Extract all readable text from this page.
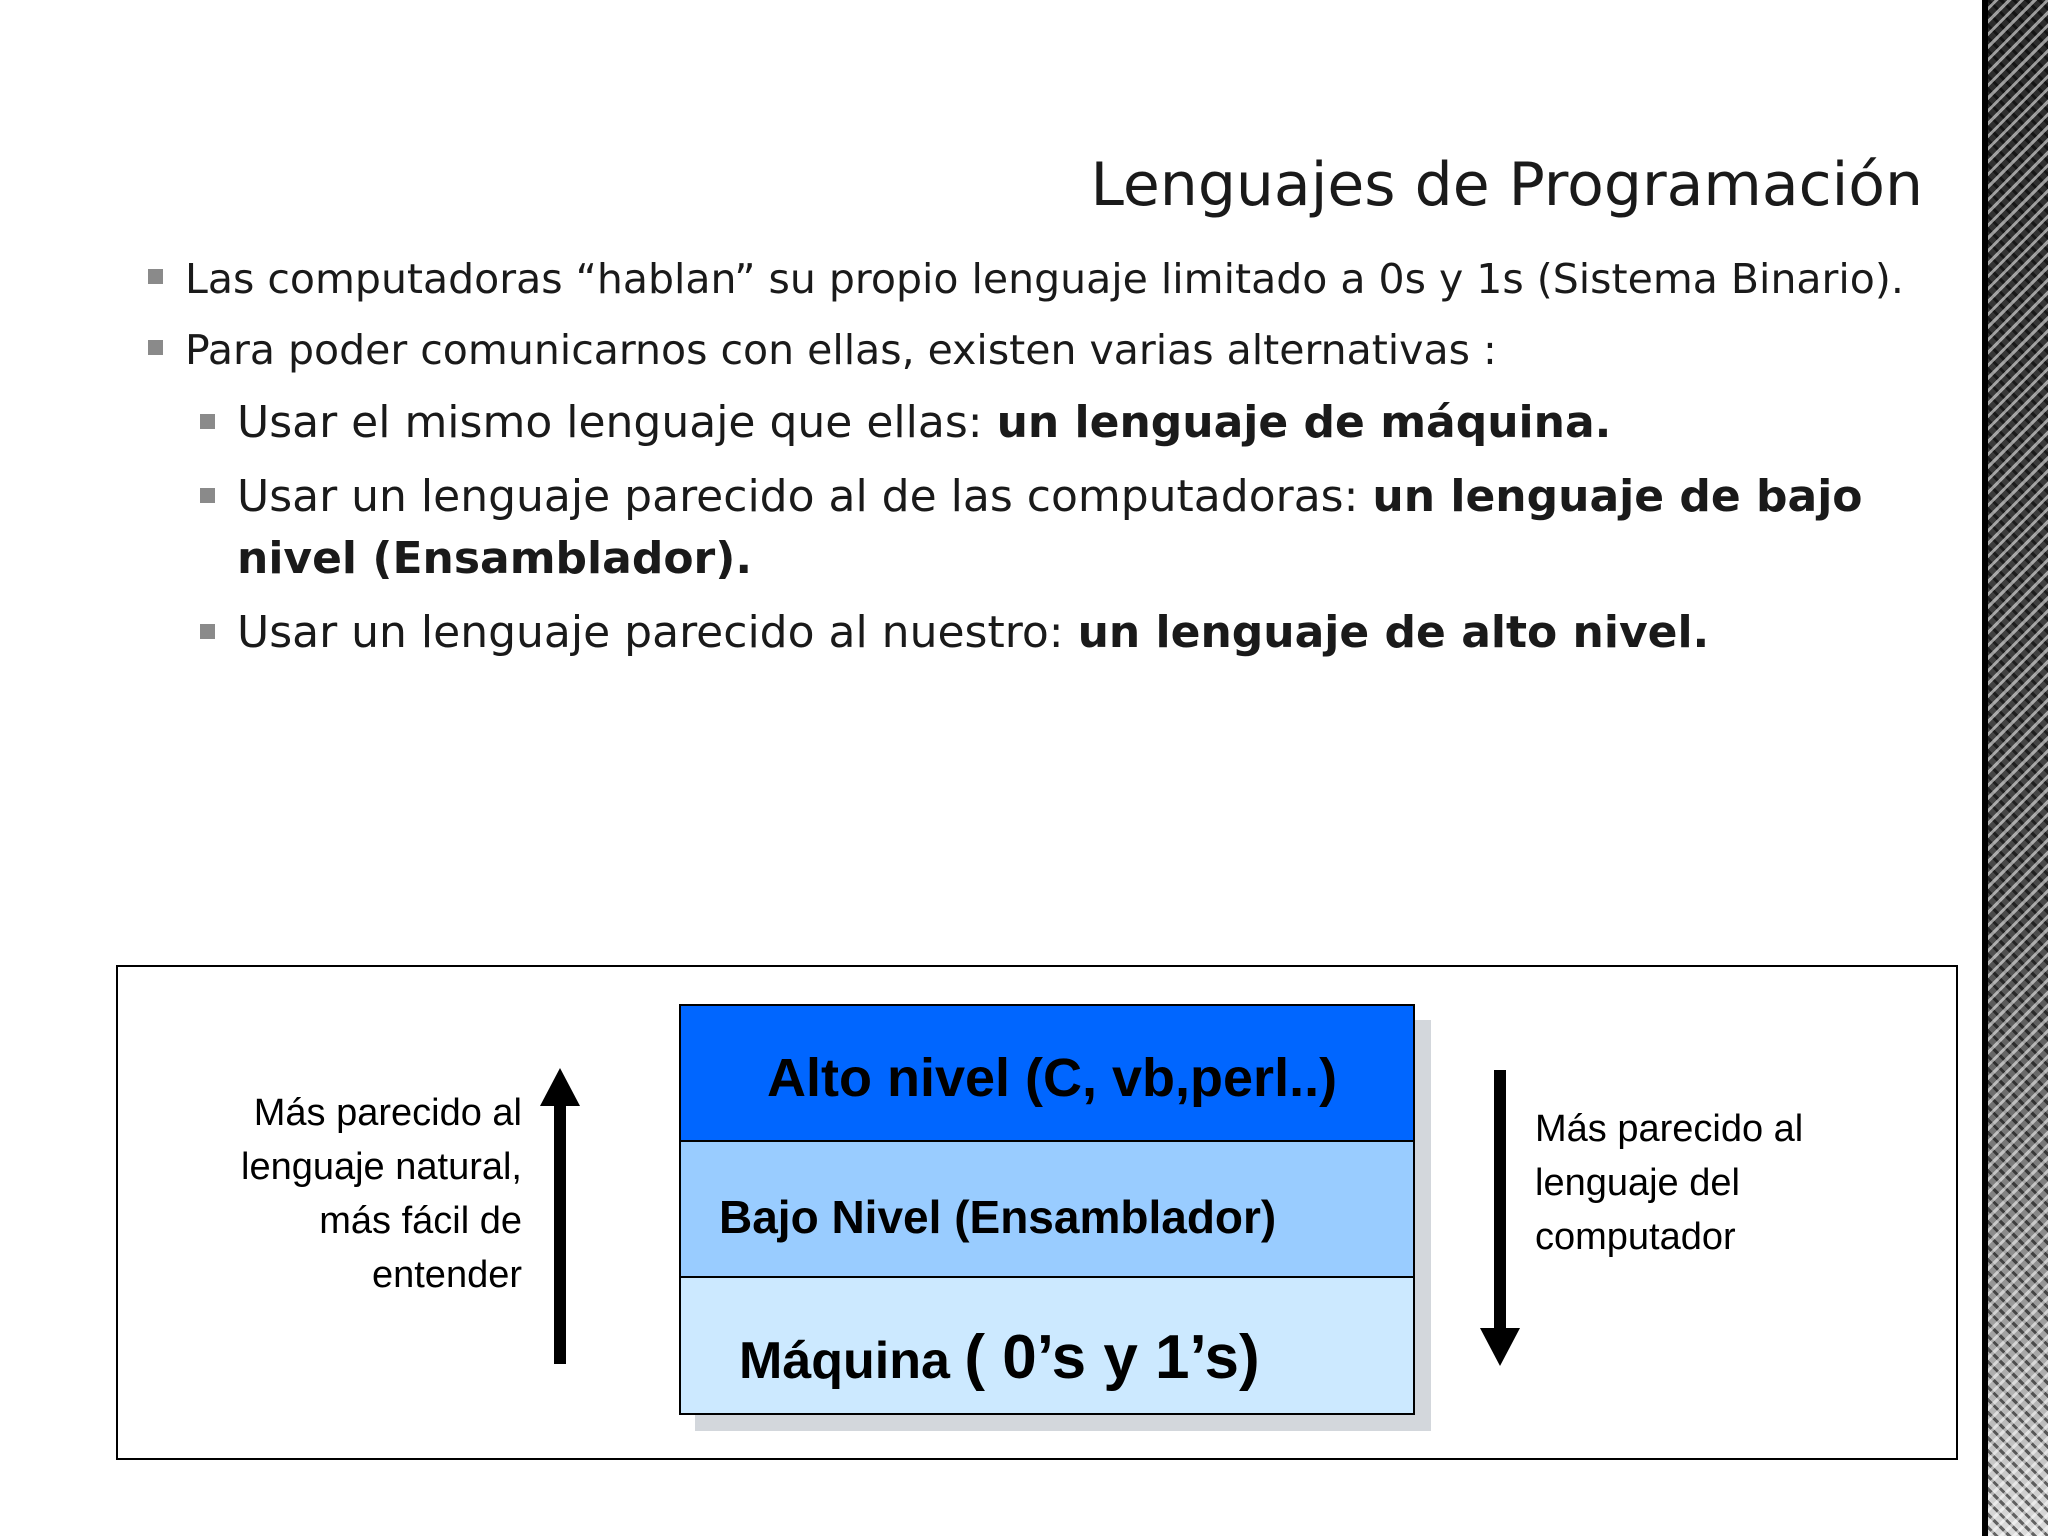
Lenguajes de Programación
Las computadoras “hablan” su propio lenguaje limitado a 0s y 1s (Sistema Binario).
Para poder comunicarnos con ellas, existen varias alternativas :
Usar el mismo lenguaje que ellas: un lenguaje de máquina.
Usar un lenguaje parecido al de las computadoras: un lenguaje de bajo nivel (Ensamblador).
Usar un lenguaje parecido al nuestro: un lenguaje de alto nivel.
Más parecido al lenguaje natural, más fácil de entender
Alto nivel (C, vb,perl..)
Bajo Nivel (Ensamblador)
Máquina ( 0’s y 1’s)
Más parecido al lenguaje del computador
